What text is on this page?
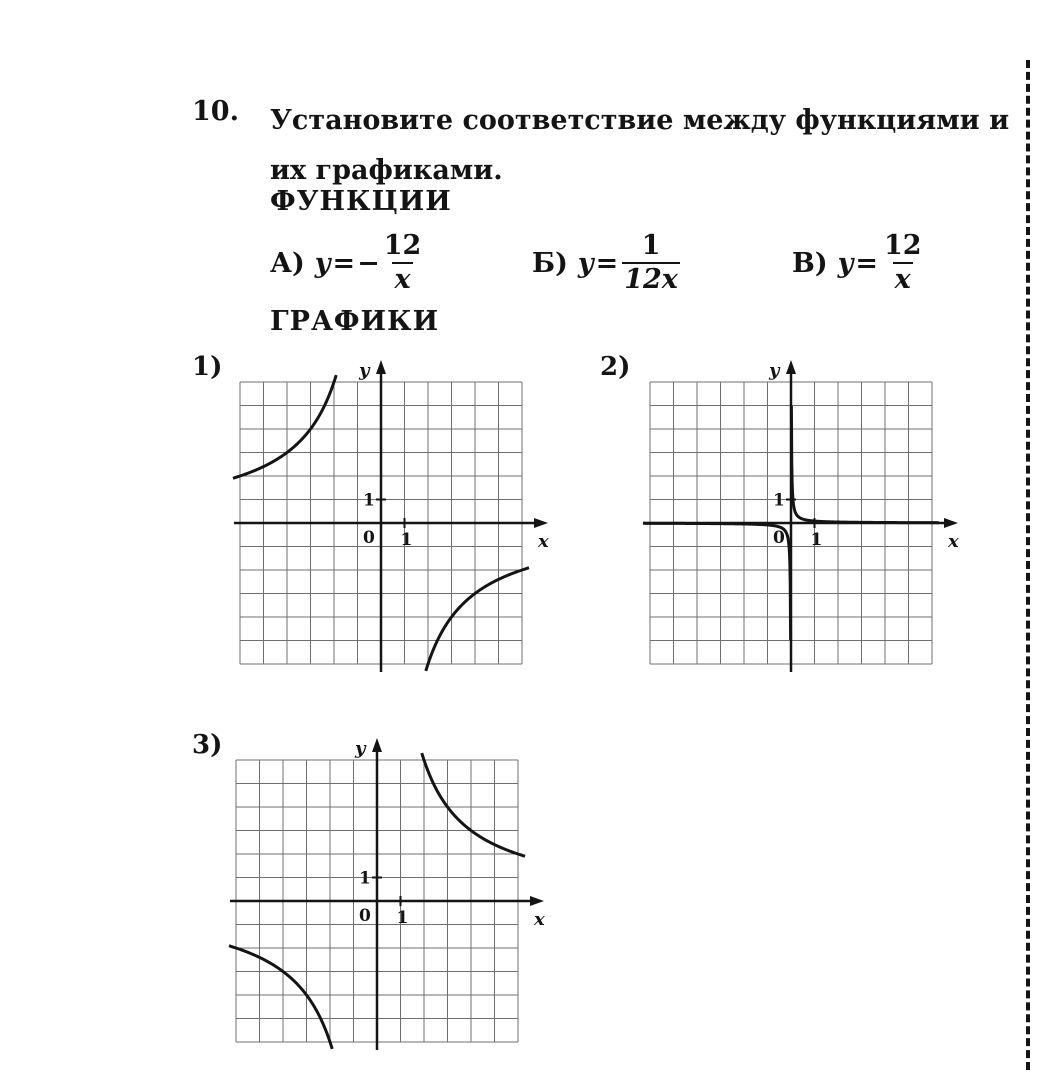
10. Установите соответствие между функциями и их графиками.
ФУНКЦИИ
А) y = − $\frac{12}{x}$	Б) $y = \frac{1}{12x}$	В) $y = \frac{12}{x}$
ГРАФИКИ
1)
x
y
0 1
1
2)
x
y
0 1
1
3)
x
y
0 1
1
